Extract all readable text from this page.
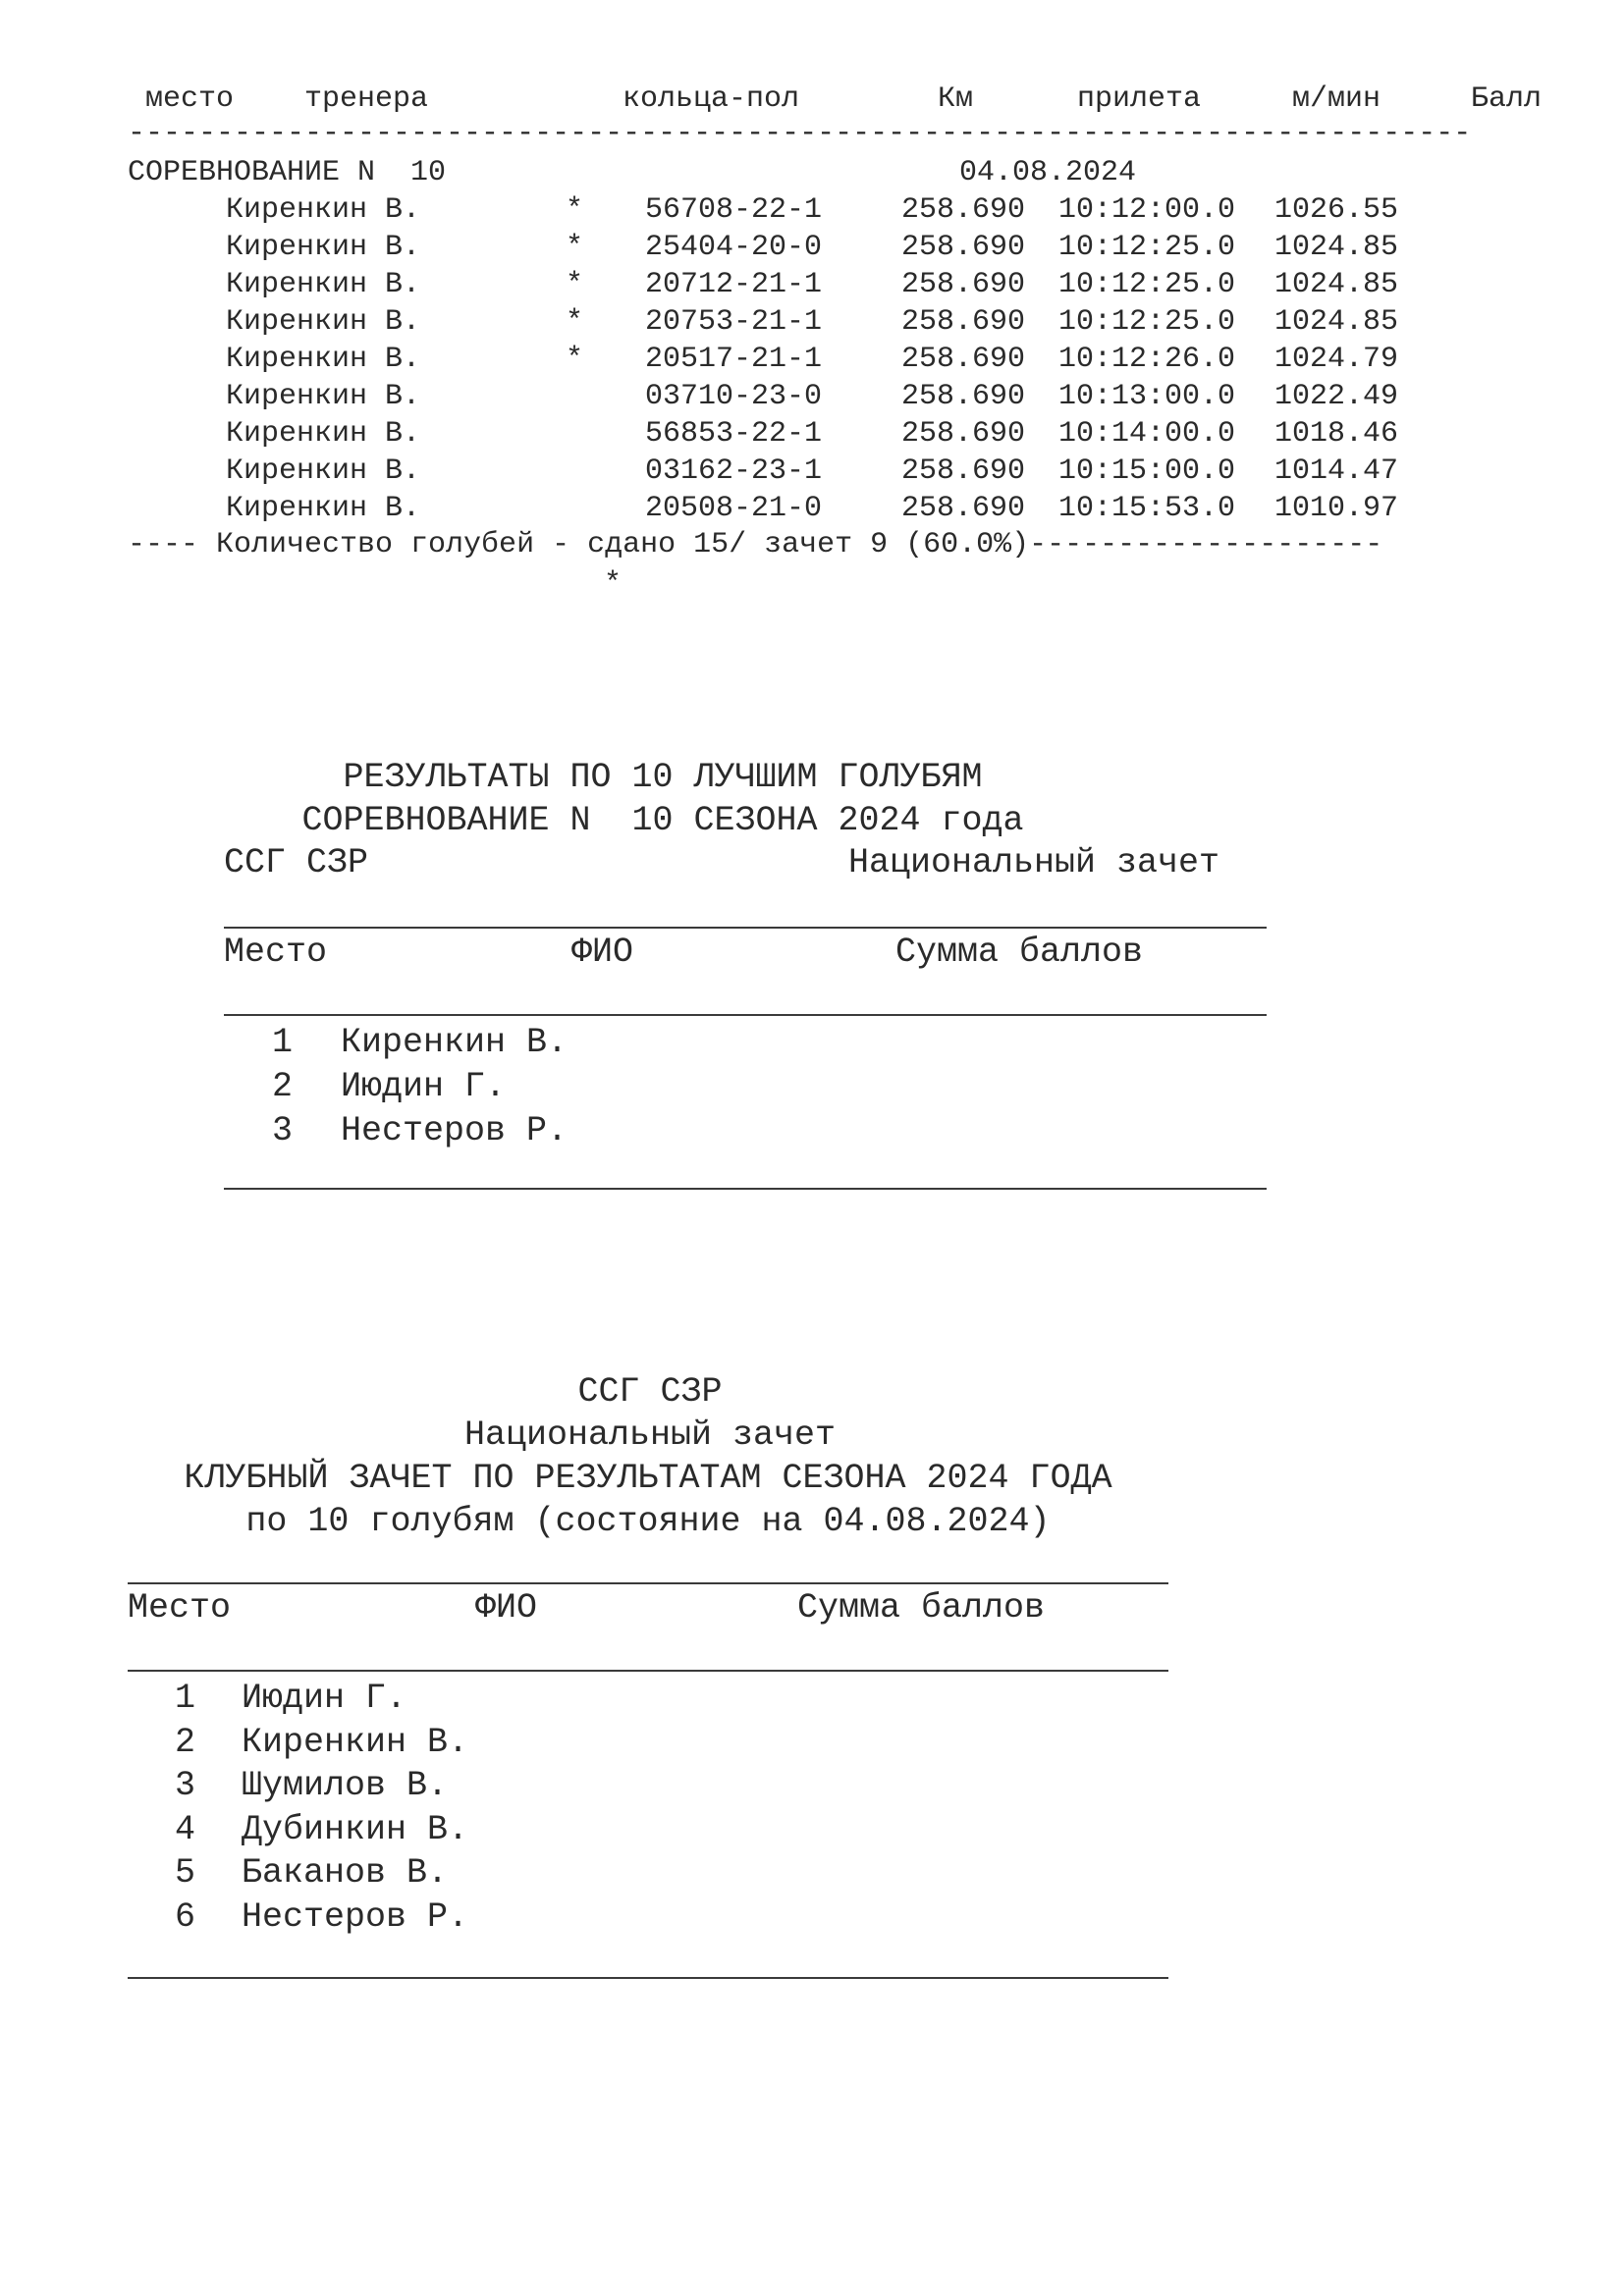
место тренера	кольца-пол	Км	прилета	м/мин	Балл
----------------------------------------------------------------------------
СОРЕВНОВАНИЕ N  10	04.08.2024
Киренкин В.	* 56708-22-1	258.690 10:12:00.0 1026.55
Киренкин В.	* 25404-20-0	258.690 10:12:25.0 1024.85
Киренкин В.	* 20712-21-1	258.690 10:12:25.0 1024.85
Киренкин В.	* 20753-21-1	258.690 10:12:25.0 1024.85
Киренкин В.	* 20517-21-1	258.690 10:12:26.0 1024.79
Киренкин В.	03710-23-0	258.690 10:13:00.0 1022.49
Киренкин В.	56853-22-1	258.690 10:14:00.0 1018.46
Киренкин В.	03162-23-1	258.690 10:15:00.0 1014.47
Киренкин В.	20508-21-0	258.690 10:15:53.0 1010.97
---- Количество голубей - сдано 15/ зачет 9 (60.0%)--------------------
*
РЕЗУЛЬТАТЫ ПО 10 ЛУЧШИМ ГОЛУБЯМ
СОРЕВНОВАНИЕ N  10 СЕЗОНА 2024 года
ССГ СЗР	Национальный зачет
Место	ФИО	Сумма баллов
1 Киренкин В.
2 Июдин Г.
3 Нестеров Р.
ССГ СЗР
Национальный зачет
КЛУБНЫЙ ЗАЧЕТ ПО РЕЗУЛЬТАТАМ СЕЗОНА 2024 ГОДА
по 10 голубям (состояние на 04.08.2024)
Место	ФИО	Сумма баллов
1 Июдин Г.
2 Киренкин В.
3 Шумилов В.
4 Дубинкин В.
5 Баканов В.
6 Нестеров Р.
